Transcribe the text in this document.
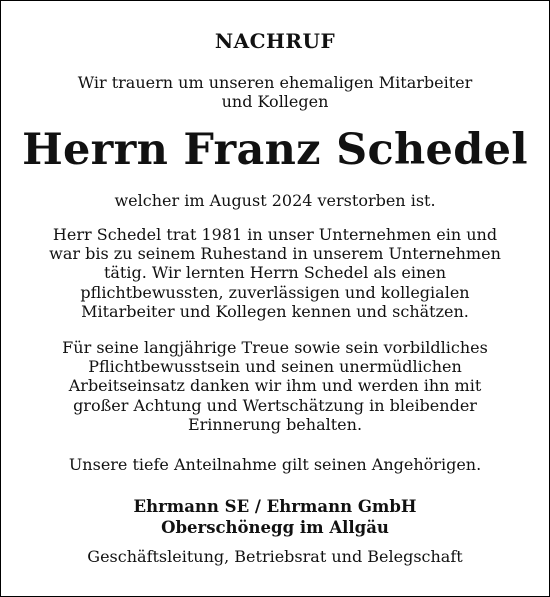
NACHRUF
Wir trauern um unseren ehemaligen Mitarbeiter
und Kollegen
Herrn Franz Schedel
welcher im August 2024 verstorben ist.
Herr Schedel trat 1981 in unser Unternehmen ein und
war bis zu seinem Ruhestand in unserem Unternehmen
tätig. Wir lernten Herrn Schedel als einen
pflichtbewussten, zuverlässigen und kollegialen
Mitarbeiter und Kollegen kennen und schätzen.
Für seine langjährige Treue sowie sein vorbildliches
Pflichtbewusstsein und seinen unermüdlichen
Arbeitseinsatz danken wir ihm und werden ihn mit
großer Achtung und Wertschätzung in bleibender
Erinnerung behalten.
Unsere tiefe Anteilnahme gilt seinen Angehörigen.
Ehrmann SE / Ehrmann GmbH
Oberschönegg im Allgäu
Geschäftsleitung, Betriebsrat und Belegschaft
